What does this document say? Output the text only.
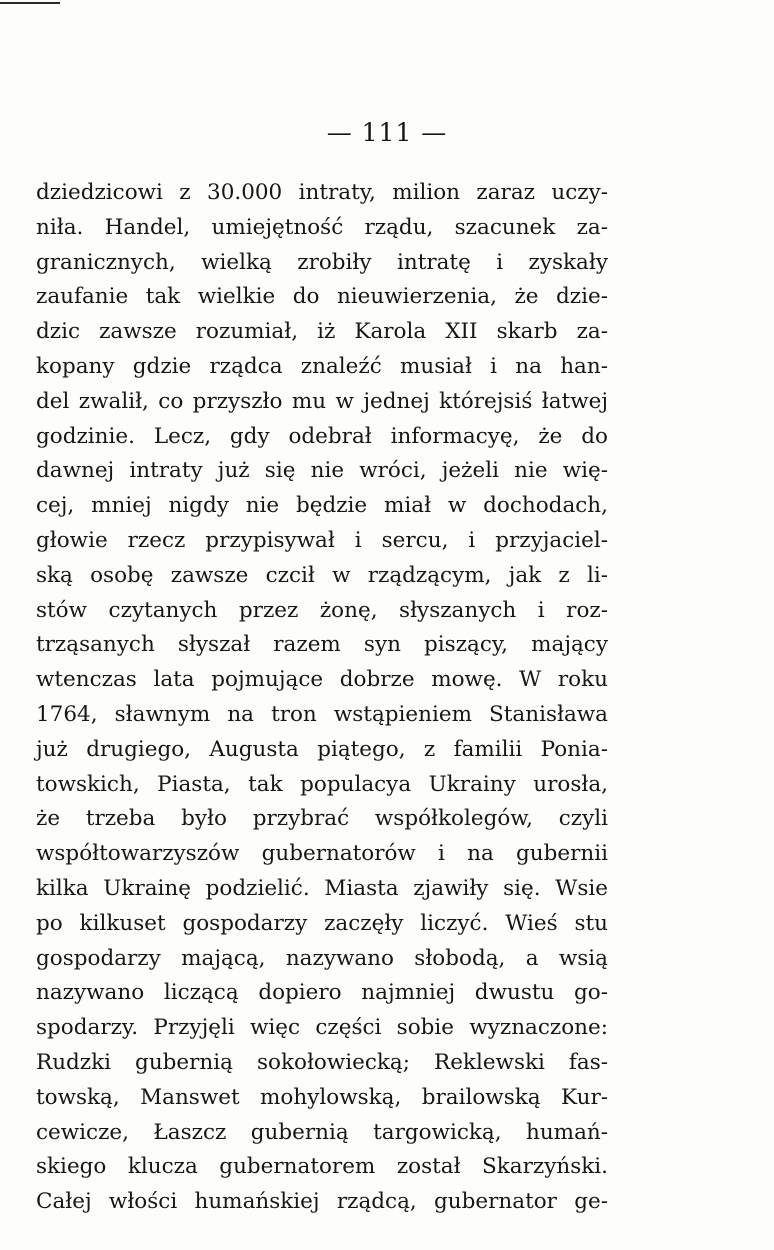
— 111 —
dziedzicowi z 30.000 intraty, milion zaraz uczy-
niła. Handel, umiejętność rządu, szacunek za-
granicznych, wielką zrobiły intratę i zyskały
zaufanie tak wielkie do nieuwierzenia, że dzie-
dzic zawsze rozumiał, iż Karola XII skarb za-
kopany gdzie rządca znaleźć musiał i na han-
del zwalił, co przyszło mu w jednej którejsiś łatwej
godzinie. Lecz, gdy odebrał informacyę, że do
dawnej intraty już się nie wróci, jeżeli nie wię-
cej, mniej nigdy nie będzie miał w dochodach,
głowie rzecz przypisywał i sercu, i przyjaciel-
ską osobę zawsze czcił w rządzącym, jak z li-
stów czytanych przez żonę, słyszanych i roz-
trząsanych słyszał razem syn piszący, mający
wtenczas lata pojmujące dobrze mowę. W roku
1764, sławnym na tron wstąpieniem Stanisława
już drugiego, Augusta piątego, z familii Ponia-
towskich, Piasta, tak populacya Ukrainy urosła,
że trzeba było przybrać współkolegów, czyli
współtowarzyszów gubernatorów i na gubernii
kilka Ukrainę podzielić. Miasta zjawiły się. Wsie
po kilkuset gospodarzy zaczęły liczyć. Wieś stu
gospodarzy mającą, nazywano słobodą, a wsią
nazywano liczącą dopiero najmniej dwustu go-
spodarzy. Przyjęli więc części sobie wyznaczone:
Rudzki gubernią sokołowiecką; Reklewski fas-
towską, Manswet mohylowską, brailowską Kur-
cewicze, Łaszcz gubernią targowicką, humań-
skiego klucza gubernatorem został Skarzyński.
Całej włości humańskiej rządcą, gubernator ge-
